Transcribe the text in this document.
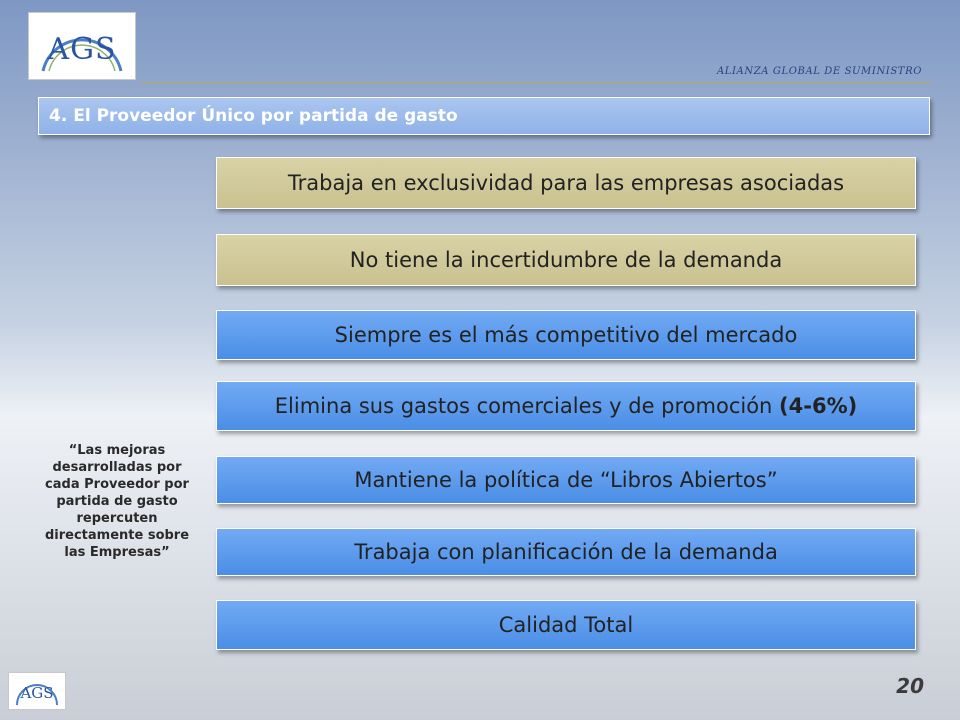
AGS
ALIANZA GLOBAL DE SUMINISTRO
4. El Proveedor Único por partida de gasto
Trabaja en exclusividad para las empresas asociadas
No tiene la incertidumbre de la demanda
Siempre es el más competitivo del mercado
Elimina sus gastos comerciales y de promoción (4-6%)
Mantiene la política de “Libros Abiertos”
Trabaja con planificación de la demanda
Calidad Total
“Las mejoras desarrolladas por cada Proveedor por partida de gasto repercuten directamente sobre las Empresas”
AGS	20
